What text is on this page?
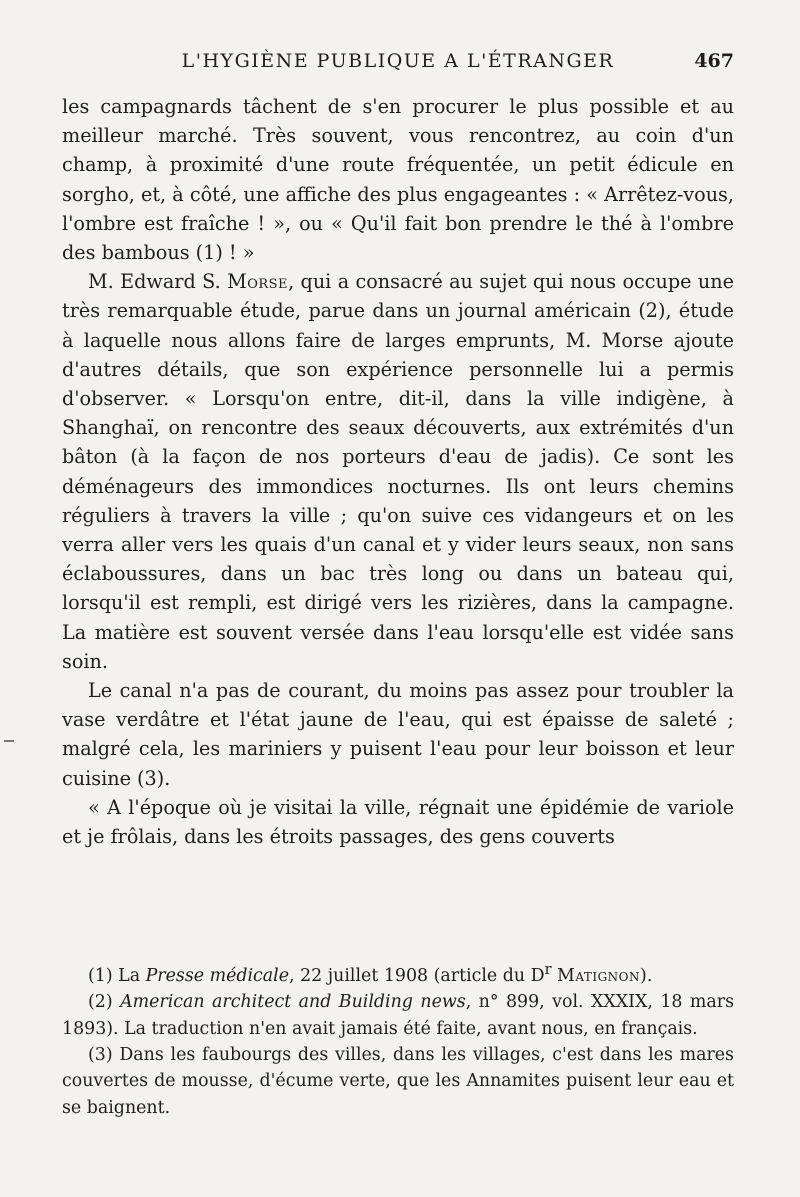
L'HYGIÈNE PUBLIQUE A L'ÉTRANGER	467

les campagnards tâchent de s'en procurer le plus possible et au meilleur marché. Très souvent, vous rencontrez, au coin d'un champ, à proximité d'une route fréquentée, un petit édicule en sorgho, et, à côté, une affiche des plus engageantes : « Arrêtez-vous, l'ombre est fraîche ! », ou « Qu'il fait bon prendre le thé à l'ombre des bambous (1) ! »

M. Edward S. Morse, qui a consacré au sujet qui nous occupe une très remarquable étude, parue dans un journal américain (2), étude à laquelle nous allons faire de larges emprunts, M. Morse ajoute d'autres détails, que son expérience personnelle lui a permis d'observer. « Lorsqu'on entre, dit-il, dans la ville indigène, à Shanghaï, on rencontre des seaux découverts, aux extrémités d'un bâton (à la façon de nos porteurs d'eau de jadis). Ce sont les déménageurs des immondices nocturnes. Ils ont leurs chemins réguliers à travers la ville ; qu'on suive ces vidangeurs et on les verra aller vers les quais d'un canal et y vider leurs seaux, non sans éclaboussures, dans un bac très long ou dans un bateau qui, lorsqu'il est rempli, est dirigé vers les rizières, dans la campagne. La matière est souvent versée dans l'eau lorsqu'elle est vidée sans soin.

Le canal n'a pas de courant, du moins pas assez pour troubler la vase verdâtre et l'état jaune de l'eau, qui est épaisse de saleté ; malgré cela, les mariniers y puisent l'eau pour leur boisson et leur cuisine (3).

« A l'époque où je visitai la ville, régnait une épidémie de variole et je frôlais, dans les étroits passages, des gens couverts

(1) La Presse médicale, 22 juillet 1908 (article du $D^r$ Matignon).

(2) American architect and Building news, n° 899, vol. XXXIX, 18 mars 1893). La traduction n'en avait jamais été faite, avant nous, en français.

(3) Dans les faubourgs des villes, dans les villages, c'est dans les mares couvertes de mousse, d'écume verte, que les Annamites puisent leur eau et se baignent.
